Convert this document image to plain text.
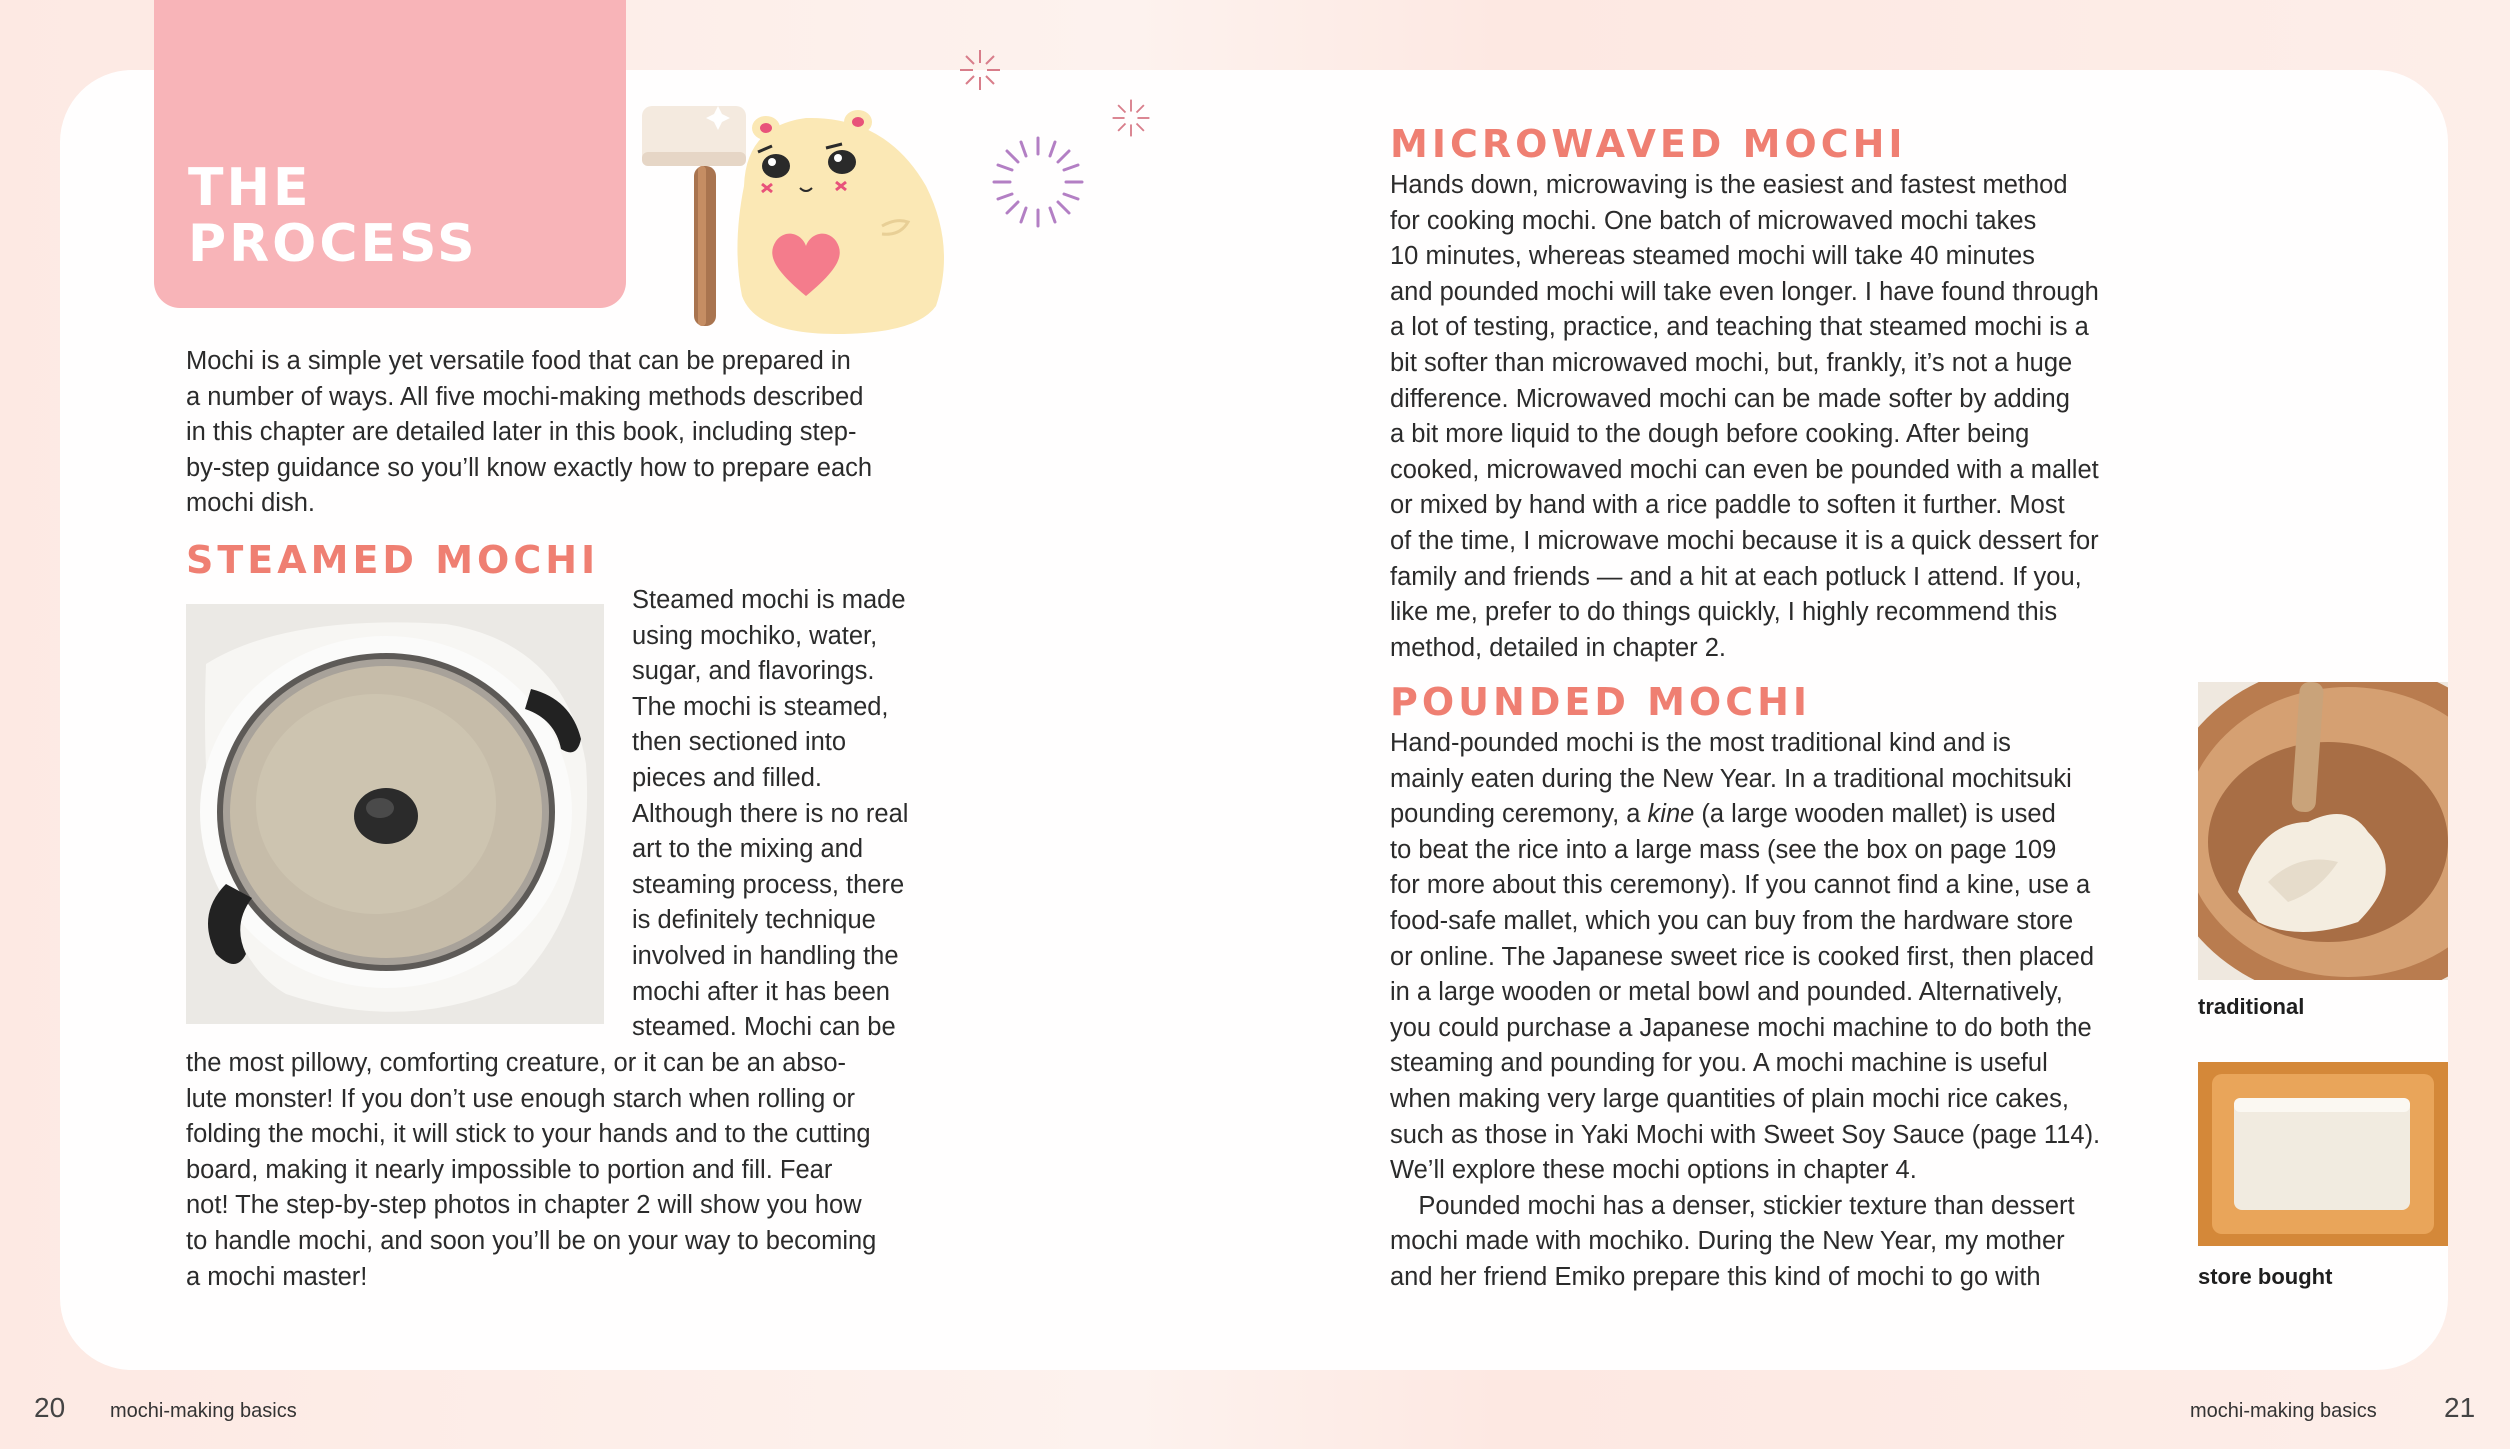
THE
PROCESS
Mochi is a simple yet versatile food that can be prepared in
a number of ways. All five mochi-making methods described
in this chapter are detailed later in this book, including step-
by-step guidance so you’ll know exactly how to prepare each
mochi dish.
STEAMED MOCHI
Steamed mochi is made
using mochiko, water,
sugar, and flavorings.
The mochi is steamed,
then sectioned into
pieces and filled.
Although there is no real
art to the mixing and
steaming process, there
is definitely technique
involved in handling the
mochi after it has been
steamed. Mochi can be
the most pillowy, comforting creature, or it can be an abso-
lute monster! If you don’t use enough starch when rolling or
folding the mochi, it will stick to your hands and to the cutting
board, making it nearly impossible to portion and fill. Fear
not! The step-by-step photos in chapter 2 will show you how
to handle mochi, and soon you’ll be on your way to becoming
a mochi master!
MICROWAVED MOCHI
Hands down, microwaving is the easiest and fastest method
for cooking mochi. One batch of microwaved mochi takes
10 minutes, whereas steamed mochi will take 40 minutes
and pounded mochi will take even longer. I have found through
a lot of testing, practice, and teaching that steamed mochi is a
bit softer than microwaved mochi, but, frankly, it’s not a huge
difference. Microwaved mochi can be made softer by adding
a bit more liquid to the dough before cooking. After being
cooked, microwaved mochi can even be pounded with a mallet
or mixed by hand with a rice paddle to soften it further. Most
of the time, I microwave mochi because it is a quick dessert for
family and friends — and a hit at each potluck I attend. If you,
like me, prefer to do things quickly, I highly recommend this
method, detailed in chapter 2.
POUNDED MOCHI
Hand-pounded mochi is the most traditional kind and is
mainly eaten during the New Year. In a traditional mochitsuki
pounding ceremony, a kine (a large wooden mallet) is used
to beat the rice into a large mass (see the box on page 109
for more about this ceremony). If you cannot find a kine, use a
food-safe mallet, which you can buy from the hardware store
or online. The Japanese sweet rice is cooked first, then placed
in a large wooden or metal bowl and pounded. Alternatively,
you could purchase a Japanese mochi machine to do both the
steaming and pounding for you. A mochi machine is useful
when making very large quantities of plain mochi rice cakes,
such as those in Yaki Mochi with Sweet Soy Sauce (page 114).
We’ll explore these mochi options in chapter 4.
Pounded mochi has a denser, stickier texture than dessert
mochi made with mochiko. During the New Year, my mother
and her friend Emiko prepare this kind of mochi to go with
traditional
store bought
20 mochi-making basics	mochi-making basics 21
